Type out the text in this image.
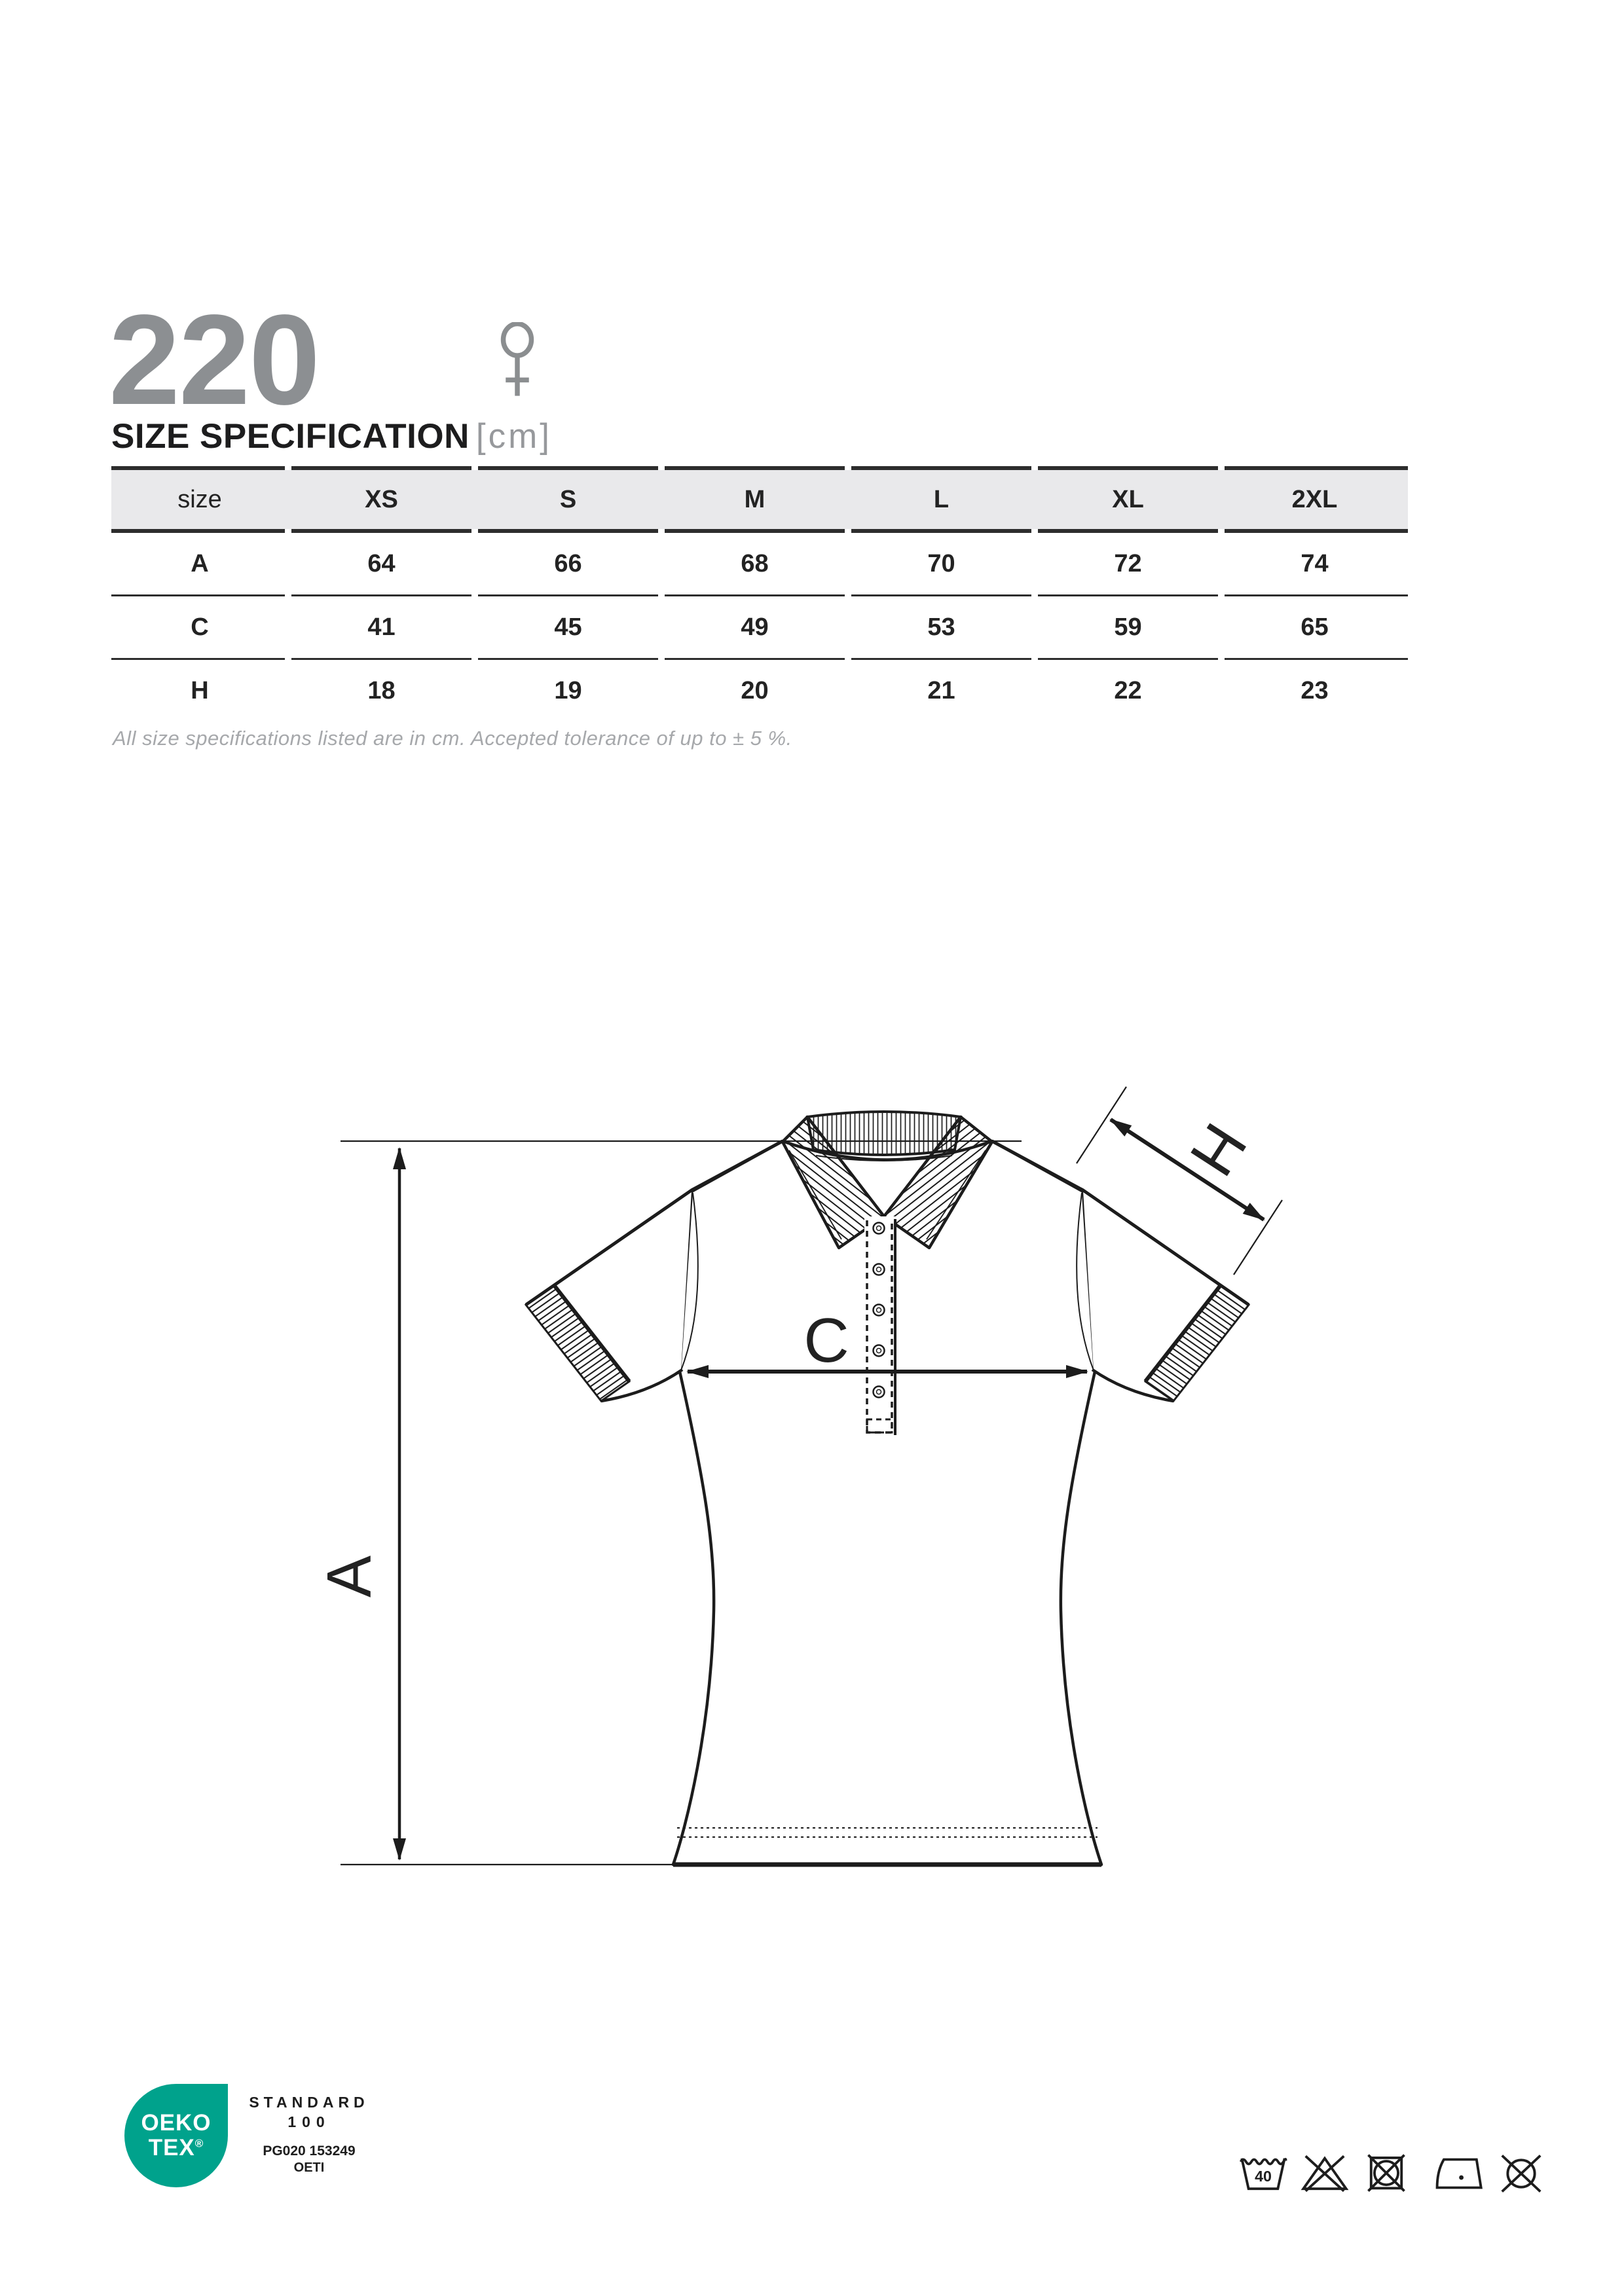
220
SIZE SPECIFICATION [cm]
size	XS	S	M	L	XL	2XL
A	64	66	68	70	72	74
C	41	45	49	53	59	65
H	18	19	20	21	22	23
All size specifications listed are in cm. Accepted tolerance of up to ± 5 %.
A
C
H
OEKO
TEX®
STANDARD
100
PG020 153249
OETI
40
